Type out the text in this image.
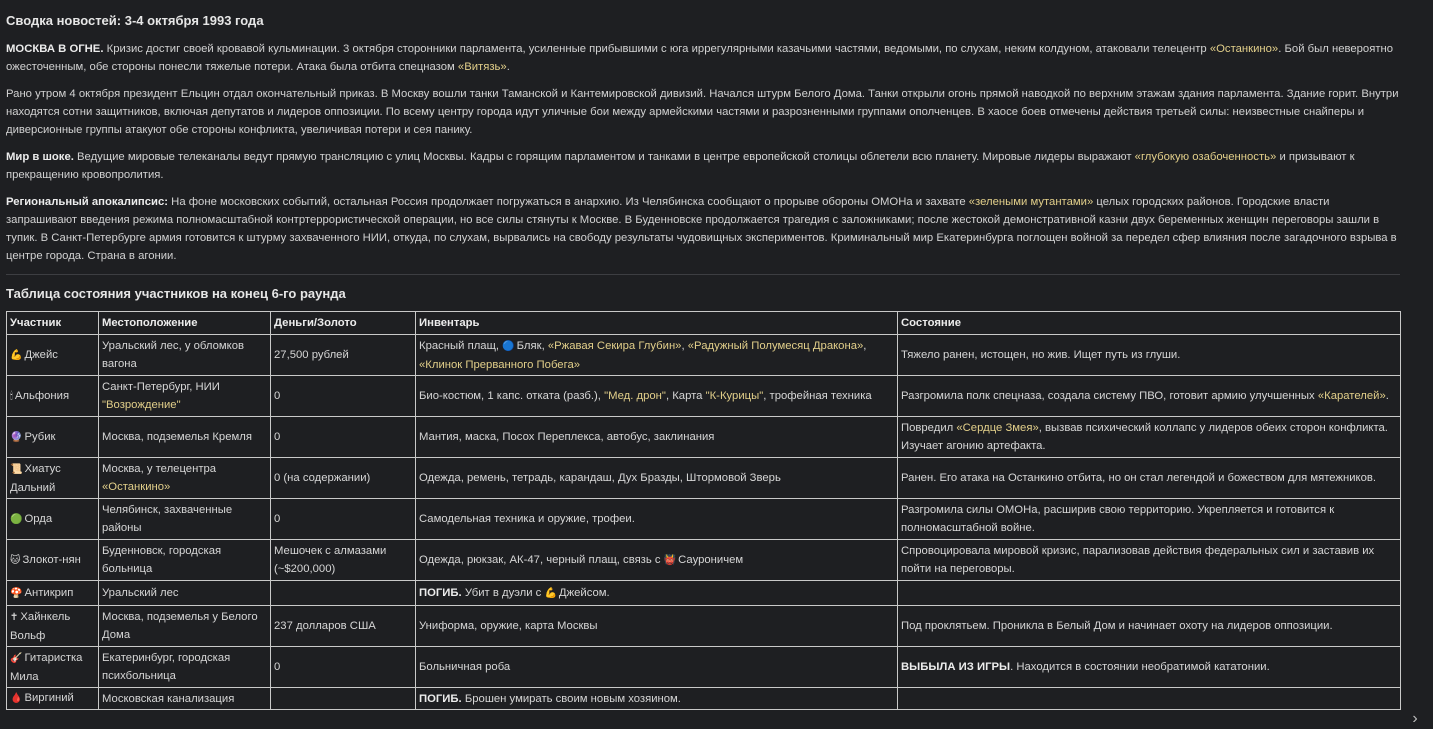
Сводка новостей: 3-4 октября 1993 года

МОСКВА В ОГНЕ. Кризис достиг своей кровавой кульминации. 3 октября сторонники парламента, усиленные прибывшими с юга иррегулярными казачьими частями, ведомыми, по слухам, неким колдуном, атаковали телецентр «Останкино». Бой был невероятно ожесточенным, обе стороны понесли тяжелые потери. Атака была отбита спецназом «Витязь».

Рано утром 4 октября президент Ельцин отдал окончательный приказ. В Москву вошли танки Таманской и Кантемировской дивизий. Начался штурм Белого Дома. Танки открыли огонь прямой наводкой по верхним этажам здания парламента. Здание горит. Внутри находятся сотни защитников, включая депутатов и лидеров оппозиции. По всему центру города идут уличные бои между армейскими частями и разрозненными группами ополченцев. В хаосе боев отмечены действия третьей силы: неизвестные снайперы и диверсионные группы атакуют обе стороны конфликта, увеличивая потери и сея панику.

Мир в шоке. Ведущие мировые телеканалы ведут прямую трансляцию с улиц Москвы. Кадры с горящим парламентом и танками в центре европейской столицы облетели всю планету. Мировые лидеры выражают «глубокую озабоченность» и призывают к прекращению кровопролития.

Региональный апокалипсис: На фоне московских событий, остальная Россия продолжает погружаться в анархию. Из Челябинска сообщают о прорыве обороны ОМОНа и захвате «зелеными мутантами» целых городских районов. Городские власти запрашивают введения режима полномасштабной контртеррористической операции, но все силы стянуты к Москве. В Буденновске продолжается трагедия с заложниками; после жестокой демонстративной казни двух беременных женщин переговоры зашли в тупик. В Санкт-Петербурге армия готовится к штурму захваченного НИИ, откуда, по слухам, вырвались на свободу результаты чудовищных экспериментов. Криминальный мир Екатеринбурга поглощен войной за передел сфер влияния после загадочного взрыва в центре города. Страна в агонии.

Таблица состояния участников на конец 6-го раунда
Участник	Местоположение	Деньги/Золото	Инвентарь	Состояние
💪 Джейс	Уральский лес, у обломков вагона	27,500 рублей	Красный плащ, 🔵 Бляк, «Ржавая Секира Глубин», «Радужный Полумесяц Дракона», «Клинок Прерванного Побега»	Тяжело ранен, истощен, но жив. Ищет путь из глуши.
🕯 Альфония	Санкт-Петербург, НИИ "Возрождение"	0	Био-костюм, 1 капс. отката (разб.), "Мед. дрон", Карта "К-Курицы", трофейная техника	Разгромила полк спецназа, создала систему ПВО, готовит армию улучшенных «Карателей».
🔮 Рубик	Москва, подземелья Кремля	0	Мантия, маска, Посох Переплекса, автобус, заклинания	Повредил «Сердце Змея», вызвав психический коллапс у лидеров обеих сторон конфликта. Изучает агонию артефакта.
📜 Хиатус Дальний	Москва, у телецентра «Останкино»	0 (на содержании)	Одежда, ремень, тетрадь, карандаш, Дух Бразды, Штормовой Зверь	Ранен. Его атака на Останкино отбита, но он стал легендой и божеством для мятежников.
🟢 Орда	Челябинск, захваченные районы	0	Самодельная техника и оружие, трофеи.	Разгромила силы ОМОНа, расширив свою территорию. Укрепляется и готовится к полномасштабной войне.
🐱 Злокот-нян	Буденновск, городская больница	Мешочек с алмазами (~$200,000)	Одежда, рюкзак, АК-47, черный плащ, связь с 👹 Сауроничем	Спровоцировала мировой кризис, парализовав действия федеральных сил и заставив их пойти на переговоры.
🍄 Антикрип	Уральский лес		ПОГИБ. Убит в дуэли с 💪 Джейсом.	
✝ Хайнкель Вольф	Москва, подземелья у Белого Дома	237 долларов США	Униформа, оружие, карта Москвы	Под проклятьем. Проникла в Белый Дом и начинает охоту на лидеров оппозиции.
🎸 Гитаристка Мила	Екатеринбург, городская психбольница	0	Больничная роба	ВЫБЫЛА ИЗ ИГРЫ. Находится в состоянии необратимой кататонии.
🩸 Виргиний	Московская канализация		ПОГИБ. Брошен умирать своим новым хозяином.	
›
